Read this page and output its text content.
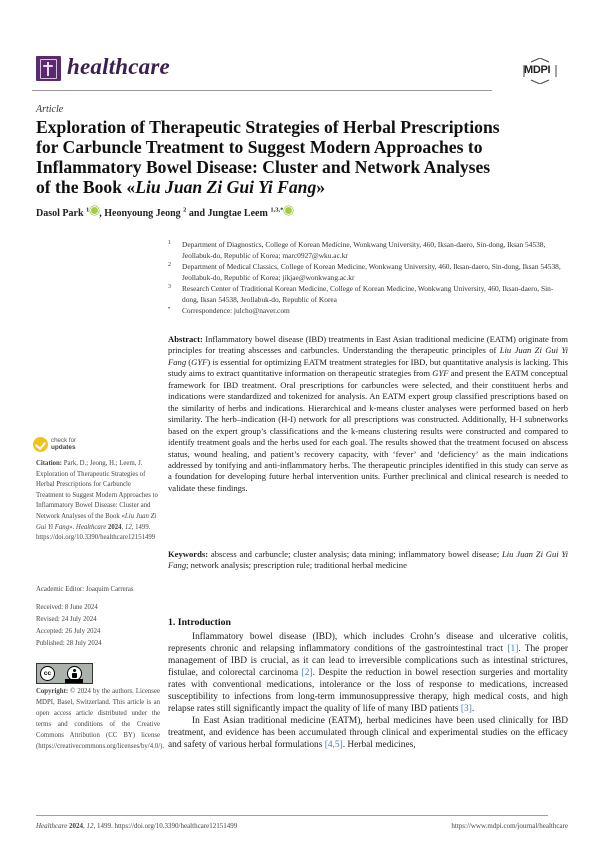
healthcare	MDPI
Article
Exploration of Therapeutic Strategies of Herbal Prescriptions
for Carbuncle Treatment to Suggest Modern Approaches to
Inflammatory Bowel Disease: Cluster and Network Analyses
of the Book «Liu Juan Zi Gui Yi Fang»
Dasol Park $^1$ , Heonyoung Jeong $^2$ and Jungtae Leem $^{1,3,*}$
1 Department of Diagnostics, College of Korean Medicine, Wonkwang University, 460, Iksan-daero, Sin-dong, Iksan 54538, Jeollabuk-do, Republic of Korea; marc0927@wku.ac.kr
2 Department of Medical Classics, College of Korean Medicine, Wonkwang University, 460, Iksan-daero, Sin-dong, Iksan 54538, Jeollabuk-do, Republic of Korea; jikjae@wonkwang.ac.kr
3 Research Center of Traditional Korean Medicine, College of Korean Medicine, Wonkwang University, 460, Iksan-daero, Sin-dong, Iksan 54538, Jeollabuk-do, Republic of Korea
• Correspondence: julcho@naver.com
Abstract: Inflammatory bowel disease (IBD) treatments in East Asian traditional medicine (EATM) originate from principles for treating abscesses and carbuncles. Understanding the therapeutic principles of Liu Juan Zi Gui Yi Fang (GYF) is essential for optimizing EATM treatment strategies for IBD, but quantitative analysis is lacking. This study aims to extract quantitative information on therapeutic strategies from GYF and present the EATM conceptual framework for IBD treatment. Oral prescriptions for carbuncles were selected, and their constituent herbs and indications were standardized and tokenized for analysis. An EATM expert group classified prescriptions based on the similarity of herbs and indications. Hierarchical and k-means cluster analyses were performed based on herb similarity. The herb–indication (H-I) network for all prescriptions was constructed. Additionally, H-I subnetworks based on the expert group’s classifications and the k-means clustering results were constructed and compared to identify treatment goals and the herbs used for each goal. The results showed that the treatment focused on abscess status, wound healing, and patient’s recovery capacity, with ‘fever’ and ‘deficiency’ as the main indications addressed by tonifying and anti-inflammatory herbs. The therapeutic principles identified in this study can serve as a foundation for developing future herbal intervention units. Further preclinical and clinical research is needed to validate these findings.
Keywords: abscess and carbuncle; cluster analysis; data mining; inflammatory bowel disease; Liu Juan Zi Gui Yi Fang; network analysis; prescription rule; traditional herbal medicine
check for
updates
Citation: Park, D.; Jeong, H.; Leem, J. Exploration of Therapeutic Strategies of Herbal Prescriptions for Carbuncle Treatment to Suggest Modern Approaches to Inflammatory Bowel Disease: Cluster and Network Analyses of the Book «Liu Juan Zi Gui Yi Fang». Healthcare 2024, 12, 1499. https://doi.org/10.3390/healthcare12151499
Academic Editor: Joaquim Carreras
Received: 8 June 2024
Revised: 24 July 2024
Accepted: 26 July 2024
Published: 28 July 2024
cc
Copyright: © 2024 by the authors. Licensee MDPI, Basel, Switzerland. This article is an open access article distributed under the terms and conditions of the Creative Commons Attribution (CC BY) license (https://creativecommons.org/licenses/by/4.0/).
1. Introduction

Inflammatory bowel disease (IBD), which includes Crohn’s disease and ulcerative colitis, represents chronic and relapsing inflammatory conditions of the gastrointestinal tract [1]. The proper management of IBD is crucial, as it can lead to irreversible complications such as intestinal strictures, fistulae, and colorectal carcinoma [2]. Despite the reduction in bowel resection surgeries and mortality rates with conventional medications, intolerance or the loss of response to medications, increased susceptibility to infections from long-term immunosuppressive therapy, high medical costs, and high relapse rates still significantly impact the quality of life of many IBD patients [3].

In East Asian traditional medicine (EATM), herbal medicines have been used clinically for IBD treatment, and evidence has been accumulated through clinical and experimental studies on the efficacy and safety of various herbal formulations [4,5]. Herbal medicines,

Healthcare 2024, 12, 1499. https://doi.org/10.3390/healthcare12151499	https://www.mdpi.com/journal/healthcare
